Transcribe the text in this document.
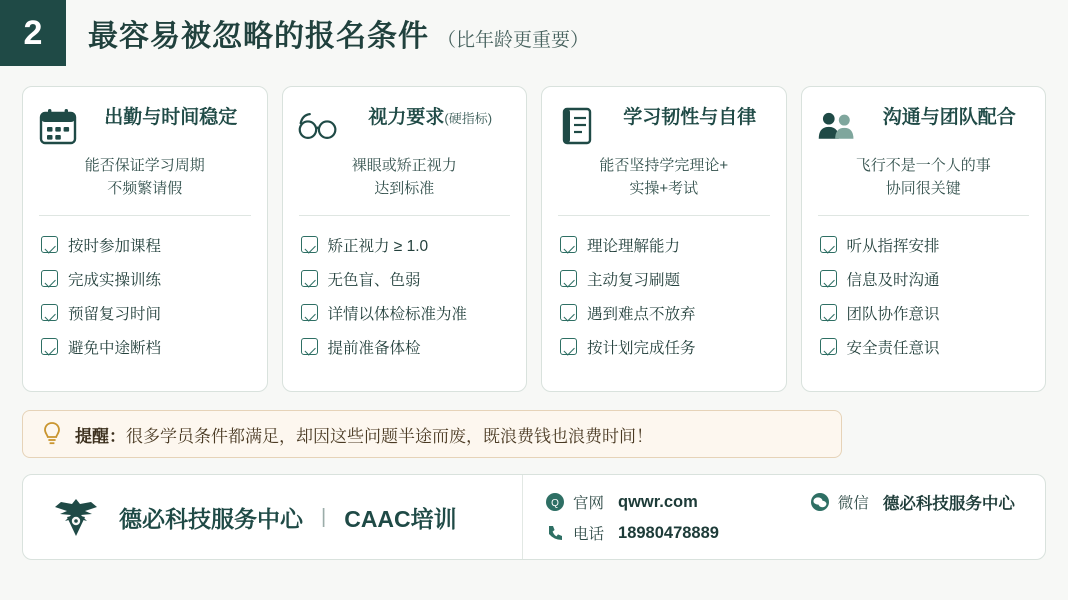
2	最容易被忽略的报名条件 （比年龄更重要）
出勤与时间稳定
能否保证学习周期
不频繁请假
按时参加课程
完成实操训练
预留复习时间
避免中途断档
视力要求(硬指标)
裸眼或矫正视力
达到标准
矫正视力 ≥ 1.0
无色盲、色弱
详情以体检标准为准
提前准备体检
学习韧性与自律
能否坚持学完理论+
实操+考试
理论理解能力
主动复习刷题
遇到难点不放弃
按计划完成任务
沟通与团队配合
飞行不是一个人的事
协同很关键
听从指挥安排
信息及时沟通
团队协作意识
安全责任意识
提醒：很多学员条件都满足，却因这些问题半途而废，既浪费钱也浪费时间！
德必科技服务中心 | CAAC培训
Q 官网 qwwr.com	微信 德必科技服务中心
电话 18980478889
